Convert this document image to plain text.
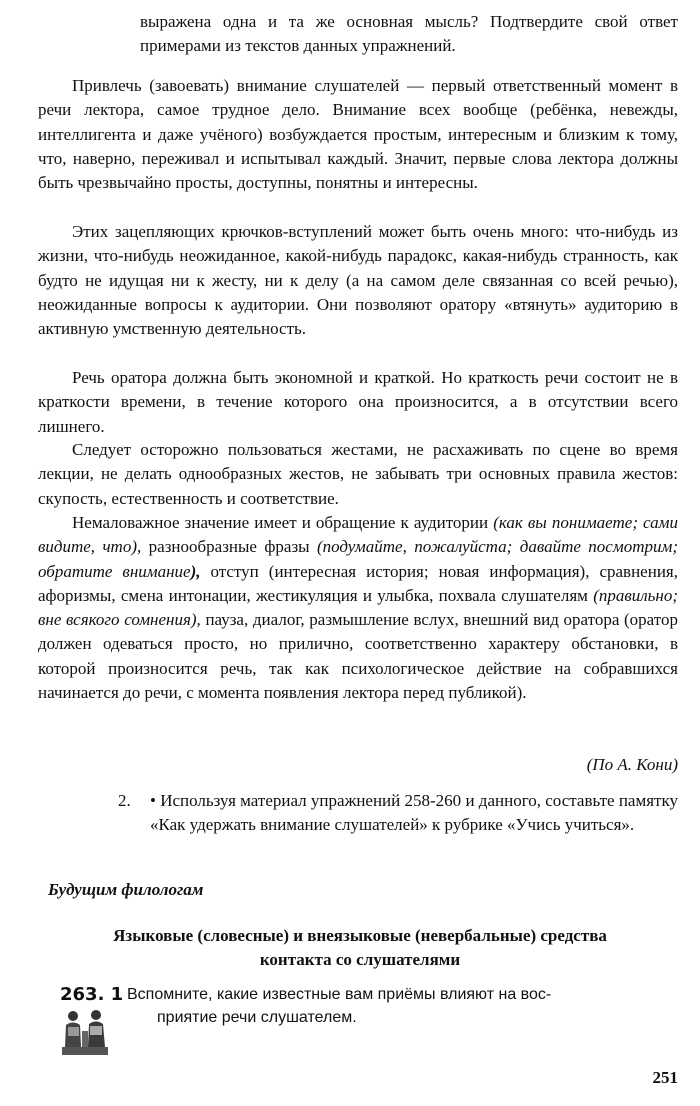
выражена одна и та же основная мысль? Подтвердите свой ответ примерами из текстов данных упражнений.

Привлечь (завоевать) внимание слушателей — первый ответственный момент в речи лектора, самое трудное дело. Внимание всех вообще (ребёнка, невежды, интеллигента и даже учёного) возбуждается простым, интересным и близким к тому, что, наверно, переживал и испытывал каждый. Значит, первые слова лектора должны быть чрезвычайно просты, доступны, понятны и интересны.

Этих зацепляющих крючков-вступлений может быть очень много: что-нибудь из жизни, что-нибудь неожиданное, какой-нибудь парадокс, какая-нибудь странность, как будто не идущая ни к жесту, ни к делу (а на самом деле связанная со всей речью), неожиданные вопросы к аудитории. Они позволяют оратору «втянуть» аудиторию в активную умственную деятельность.

Речь оратора должна быть экономной и краткой. Но краткость речи состоит не в краткости времени, в течение которого она произносится, а в отсутствии всего лишнего.

Следует осторожно пользоваться жестами, не расхаживать по сцене во время лекции, не делать однообразных жестов, не забывать три основных правила жестов: скупость, естественность и соответствие.

Немаловажное значение имеет и обращение к аудитории (как вы понимаете; сами видите, что), разнообразные фразы (подумайте, пожалуйста; давайте посмотрим; обратите внимание), отступ (интересная история; новая информация), сравнения, афоризмы, смена интонации, жестикуляция и улыбка, похвала слушателям (правильно; вне всякого сомнения), пауза, диалог, размышление вслух, внешний вид оратора (оратор должен одеваться просто, но прилично, соответственно характеру обстановки, в которой произносится речь, так как психологическое действие на собравшихся начинается до речи, с момента появления лектора перед публикой).

(По А. Кони)

2. • Используя материал упражнений 258-260 и данного, составьте памятку «Как удержать внимание слушателей» к рубрике «Учись учиться».

Будущим филологам
Языковые (словесные) и внеязыковые (невербальные) средства
контакта со слушателями
263. 1 Вспомните, какие известные вам приёмы влияют на вос-
приятие речи слушателем.
251
